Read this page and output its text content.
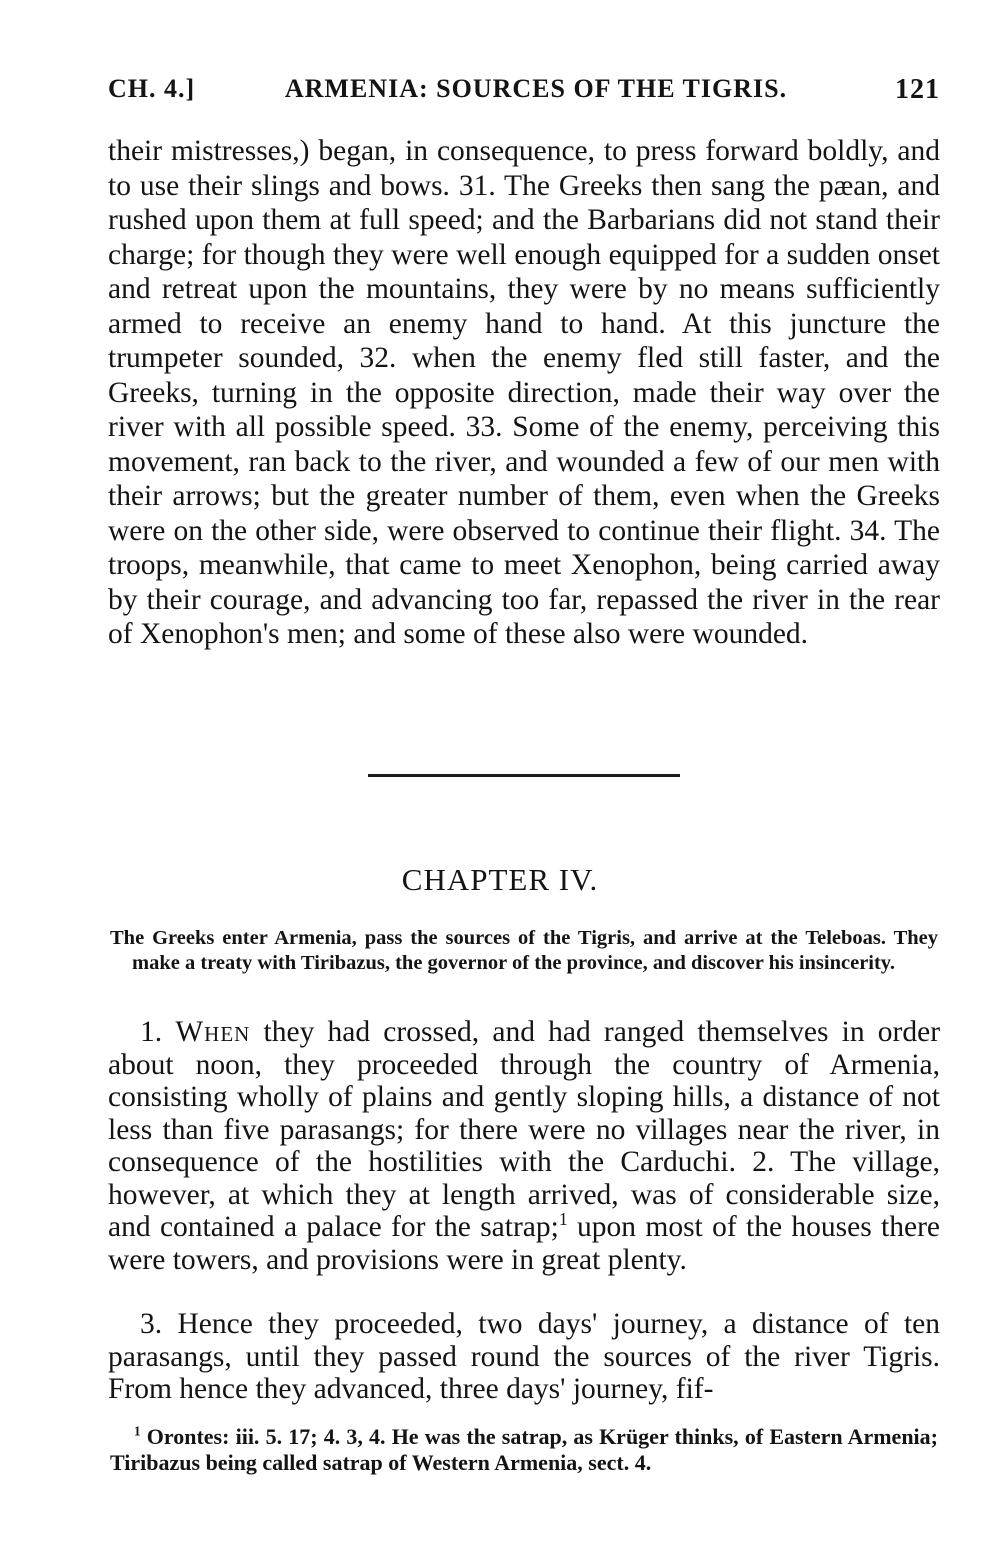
CH. 4.]	ARMENIA: SOURCES OF THE TIGRIS.	121

their mistresses,) began, in consequence, to press forward boldly, and to use their slings and bows. 31. The Greeks then sang the pæan, and rushed upon them at full speed; and the Barbarians did not stand their charge; for though they were well enough equipped for a sudden onset and retreat upon the mountains, they were by no means sufficiently armed to receive an enemy hand to hand. At this juncture the trumpeter sounded, 32. when the enemy fled still faster, and the Greeks, turning in the opposite direction, made their way over the river with all possible speed. 33. Some of the enemy, perceiving this movement, ran back to the river, and wounded a few of our men with their arrows; but the greater number of them, even when the Greeks were on the other side, were observed to continue their flight. 34. The troops, meanwhile, that came to meet Xenophon, being carried away by their courage, and advancing too far, repassed the river in the rear of Xenophon's men; and some of these also were wounded.

CHAPTER IV.

The Greeks enter Armenia, pass the sources of the Tigris, and arrive at the Teleboas. They make a treaty with Tiribazus, the governor of the province, and discover his insincerity.

1. When they had crossed, and had ranged themselves in order about noon, they proceeded through the country of Armenia, consisting wholly of plains and gently sloping hills, a distance of not less than five parasangs; for there were no villages near the river, in consequence of the hostilities with the Carduchi. 2. The village, however, at which they at length arrived, was of considerable size, and contained a palace for the satrap;$^1$ upon most of the houses there were towers, and provisions were in great plenty.

3. Hence they proceeded, two days' journey, a distance of ten parasangs, until they passed round the sources of the river Tigris. From hence they advanced, three days' journey, fif-

$^1$ Orontes: iii. 5. 17; 4. 3, 4. He was the satrap, as Krüger thinks, of Eastern Armenia; Tiribazus being called satrap of Western Armenia, sect. 4.
